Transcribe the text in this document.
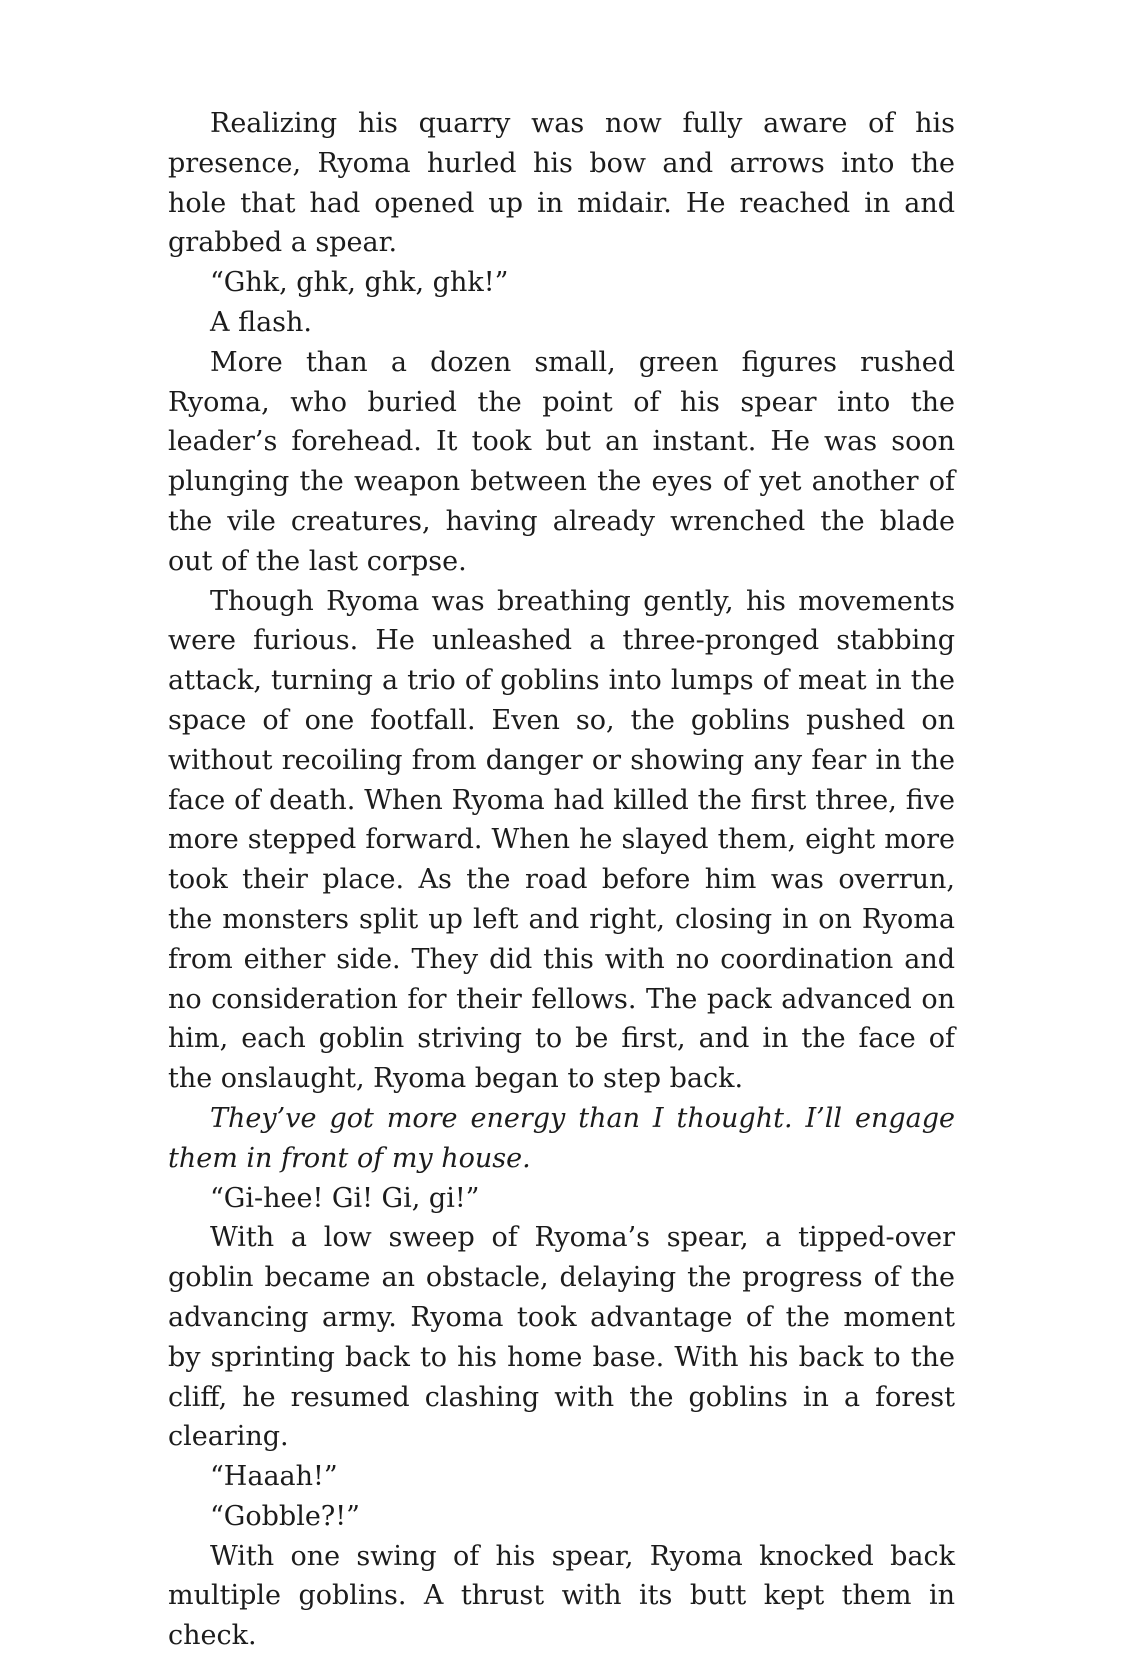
Realizing his quarry was now fully aware of his presence, Ryoma hurled his bow and arrows into the hole that had opened up in midair. He reached in and grabbed a spear.

“Ghk, ghk, ghk, ghk!”

A flash.

More than a dozen small, green figures rushed Ryoma, who buried the point of his spear into the leader’s forehead. It took but an instant. He was soon plunging the weapon between the eyes of yet another of the vile creatures, having already wrenched the blade out of the last corpse.

Though Ryoma was breathing gently, his movements were furious. He unleashed a three-pronged stabbing attack, turning a trio of goblins into lumps of meat in the space of one footfall. Even so, the goblins pushed on without recoiling from danger or showing any fear in the face of death. When Ryoma had killed the first three, five more stepped forward. When he slayed them, eight more took their place. As the road before him was overrun, the monsters split up left and right, closing in on Ryoma from either side. They did this with no coordination and no consideration for their fellows. The pack advanced on him, each goblin striving to be first, and in the face of the onslaught, Ryoma began to step back.

They’ve got more energy than I thought. I’ll engage them in front of my house.

“Gi-hee! Gi! Gi, gi!”

With a low sweep of Ryoma’s spear, a tipped-over goblin became an obstacle, delaying the progress of the advancing army. Ryoma took advantage of the moment by sprinting back to his home base. With his back to the cliff, he resumed clashing with the goblins in a forest clearing.

“Haaah!”

“Gobble?!”

With one swing of his spear, Ryoma knocked back multiple goblins. A thrust with its butt kept them in check.
